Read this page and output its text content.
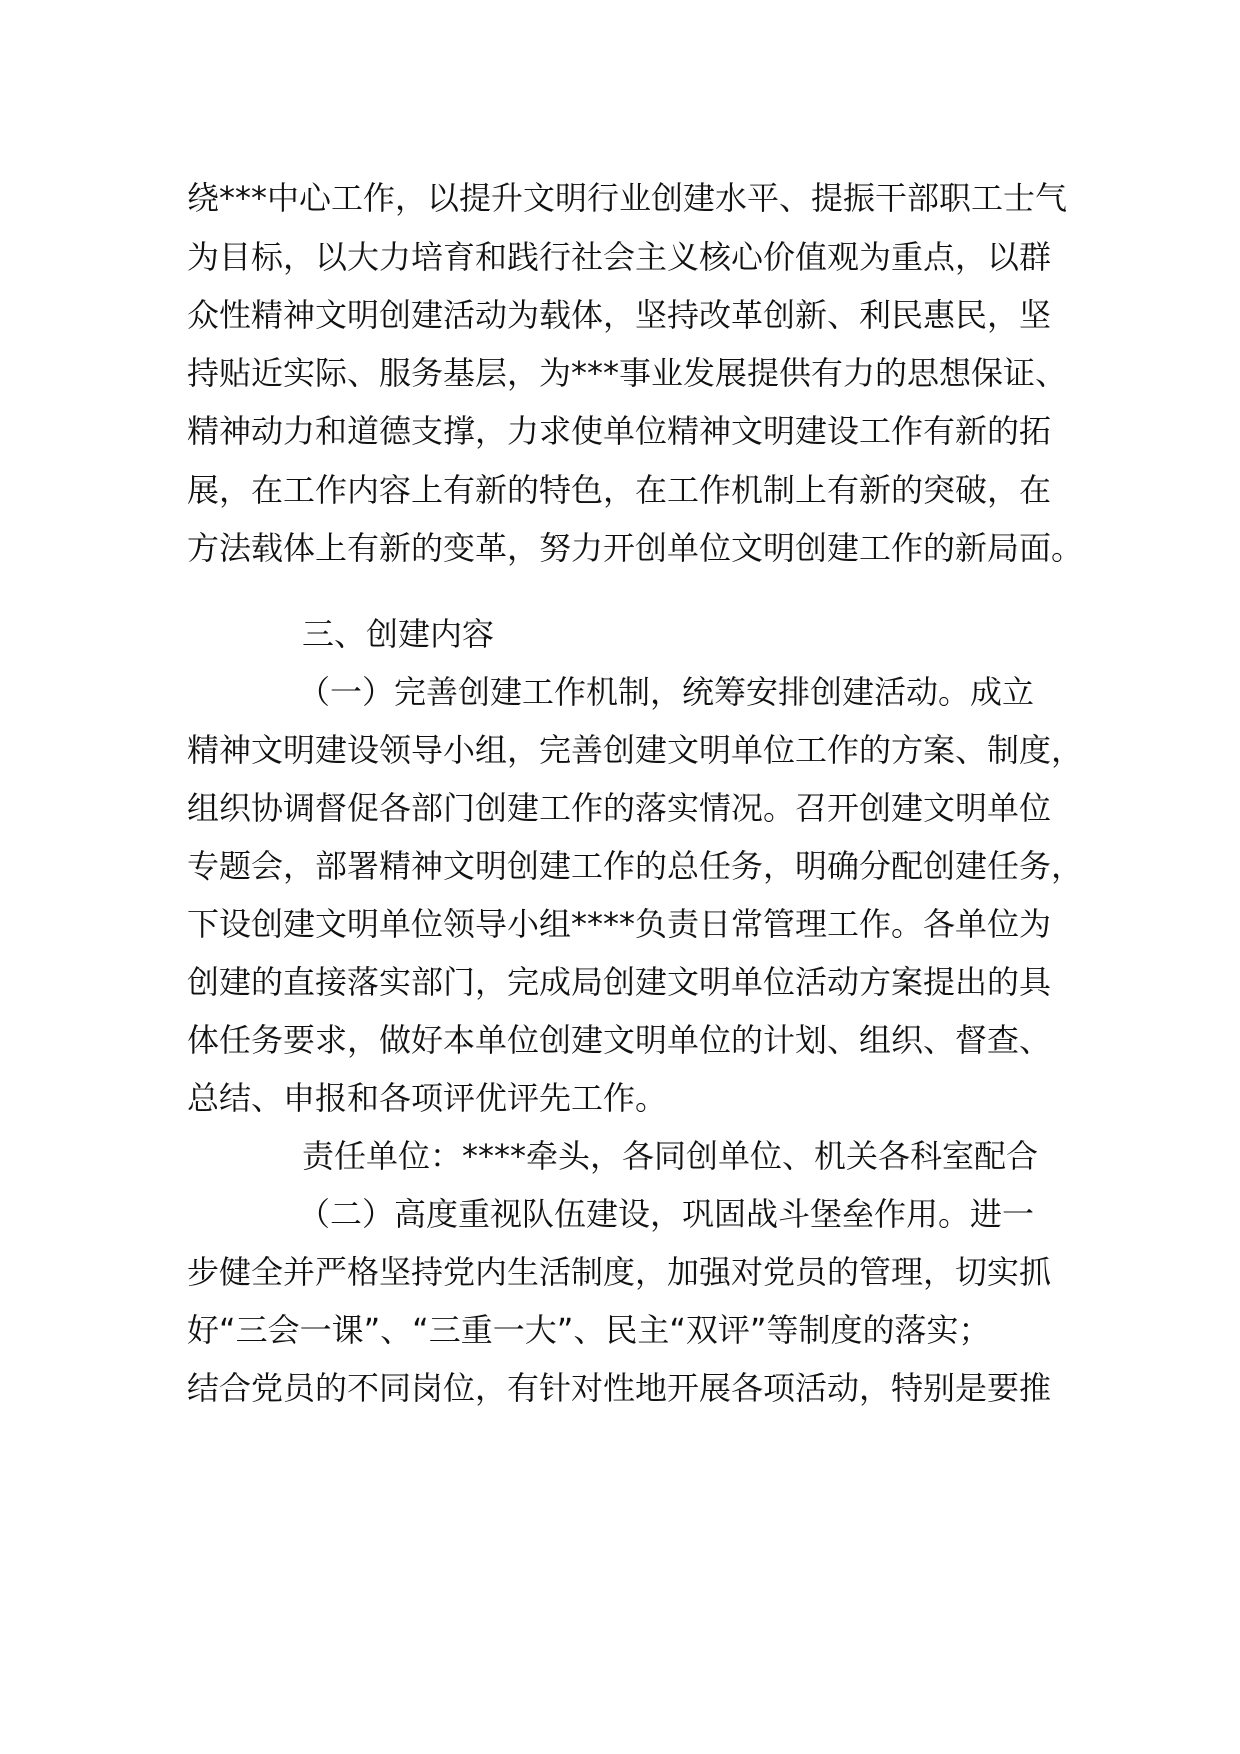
绕***中心工作，以提升文明行业创建水平、提振干部职工士气
为目标，以大力培育和践行社会主义核心价值观为重点，以群
众性精神文明创建活动为载体，坚持改革创新、利民惠民，坚
持贴近实际、服务基层，为***事业发展提供有力的思想保证、
精神动力和道德支撑，力求使单位精神文明建设工作有新的拓
展，在工作内容上有新的特色，在工作机制上有新的突破，在
方法载体上有新的变革，努力开创单位文明创建工作的新局面。
三、创建内容
（一）完善创建工作机制，统筹安排创建活动。成立
精神文明建设领导小组，完善创建文明单位工作的方案、制度，
组织协调督促各部门创建工作的落实情况。召开创建文明单位
专题会，部署精神文明创建工作的总任务，明确分配创建任务，
下设创建文明单位领导小组****负责日常管理工作。各单位为
创建的直接落实部门，完成局创建文明单位活动方案提出的具
体任务要求，做好本单位创建文明单位的计划、组织、督查、
总结、申报和各项评优评先工作。
责任单位：****牵头，各同创单位、机关各科室配合
（二）高度重视队伍建设，巩固战斗堡垒作用。进一
步健全并严格坚持党内生活制度，加强对党员的管理，切实抓
好“三会一课”、“三重一大”、民主“双评”等制度的落实；
结合党员的不同岗位，有针对性地开展各项活动，特别是要推
